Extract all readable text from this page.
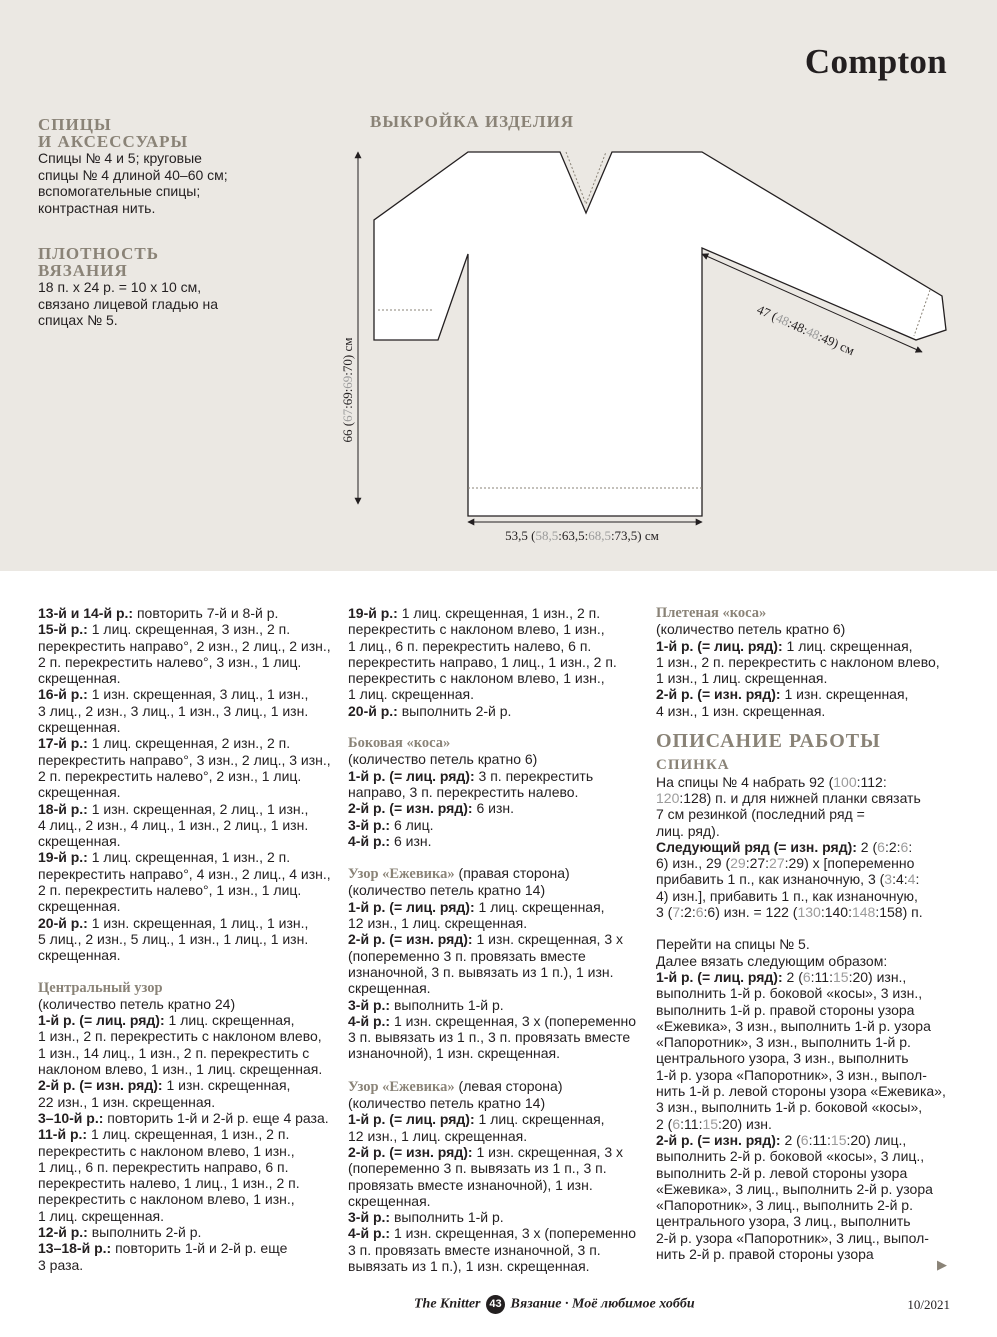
Compton
СПИЦЫ
И АКСЕССУАРЫ
Спицы № 4 и 5; круговые
спицы № 4 длиной 40–60 см;
вспомогательные спицы;
контрастная нить.
ПЛОТНОСТЬ
ВЯЗАНИЯ
18 п. х 24 р. = 10 х 10 см,
связано лицевой гладью на
спицах № 5.
ВЫКРОЙКА ИЗДЕЛИЯ
66 (67:69:69:70) см
47 (48:48:48:49) см
53,5 (58,5:63,5:68,5:73,5) см

13-й и 14-й р.: повторить 7-й и 8-й р.

15-й р.: 1 лиц. скрещенная, 3 изн., 2 п.

перекрестить направо°, 2 изн., 2 лиц., 2 изн.,

2 п. перекрестить налево°, 3 изн., 1 лиц.

скрещенная.

16-й р.: 1 изн. скрещенная, 3 лиц., 1 изн.,

3 лиц., 2 изн., 3 лиц., 1 изн., 3 лиц., 1 изн.

скрещенная.

17-й р.: 1 лиц. скрещенная, 2 изн., 2 п.

перекрестить направо°, 3 изн., 2 лиц., 3 изн.,

2 п. перекрестить налево°, 2 изн., 1 лиц.

скрещенная.

18-й р.: 1 изн. скрещенная, 2 лиц., 1 изн.,

4 лиц., 2 изн., 4 лиц., 1 изн., 2 лиц., 1 изн.

скрещенная.

19-й р.: 1 лиц. скрещенная, 1 изн., 2 п.

перекрестить направо°, 4 изн., 2 лиц., 4 изн.,

2 п. перекрестить налево°, 1 изн., 1 лиц.

скрещенная.

20-й р.: 1 изн. скрещенная, 1 лиц., 1 изн.,

5 лиц., 2 изн., 5 лиц., 1 изн., 1 лиц., 1 изн.

скрещенная.

Центральный узор

(количество петель кратно 24)

1-й р. (= лиц. ряд): 1 лиц. скрещенная,

1 изн., 2 п. перекрестить с наклоном влево,

1 изн., 14 лиц., 1 изн., 2 п. перекрестить с

наклоном влево, 1 изн., 1 лиц. скрещенная.

2-й р. (= изн. ряд): 1 изн. скрещенная,

22 изн., 1 изн. скрещенная.

3–10-й р.: повторить 1-й и 2-й р. еще 4 раза.

11-й р.: 1 лиц. скрещенная, 1 изн., 2 п.

перекрестить с наклоном влево, 1 изн.,

1 лиц., 6 п. перекрестить направо, 6 п.

перекрестить налево, 1 лиц., 1 изн., 2 п.

перекрестить с наклоном влево, 1 изн.,

1 лиц. скрещенная.

12-й р.: выполнить 2-й р.

13–18-й р.: повторить 1-й и 2-й р. еще

3 раза.

19-й р.: 1 лиц. скрещенная, 1 изн., 2 п.

перекрестить с наклоном влево, 1 изн.,

1 лиц., 6 п. перекрестить налево, 6 п.

перекрестить направо, 1 лиц., 1 изн., 2 п.

перекрестить с наклоном влево, 1 изн.,

1 лиц. скрещенная.

20-й р.: выполнить 2-й р.

Боковая «коса»

(количество петель кратно 6)

1-й р. (= лиц. ряд): 3 п. перекрестить

направо, 3 п. перекрестить налево.

2-й р. (= изн. ряд): 6 изн.

3-й р.: 6 лиц.

4-й р.: 6 изн.

Узор «Ежевика» (правая сторона)

(количество петель кратно 14)

1-й р. (= лиц. ряд): 1 лиц. скрещенная,

12 изн., 1 лиц. скрещенная.

2-й р. (= изн. ряд): 1 изн. скрещенная, 3 х

(попеременно 3 п. провязать вместе

изнаночной, 3 п. вывязать из 1 п.), 1 изн.

скрещенная.

3-й р.: выполнить 1-й р.

4-й р.: 1 изн. скрещенная, 3 х (попеременно

3 п. вывязать из 1 п., 3 п. провязать вместе

изнаночной), 1 изн. скрещенная.

Узор «Ежевика» (левая сторона)

(количество петель кратно 14)

1-й р. (= лиц. ряд): 1 лиц. скрещенная,

12 изн., 1 лиц. скрещенная.

2-й р. (= изн. ряд): 1 изн. скрещенная, 3 х

(попеременно 3 п. вывязать из 1 п., 3 п.

провязать вместе изнаночной), 1 изн.

скрещенная.

3-й р.: выполнить 1-й р.

4-й р.: 1 изн. скрещенная, 3 х (попеременно

3 п. провязать вместе изнаночной, 3 п.

вывязать из 1 п.), 1 изн. скрещенная.

Плетеная «коса»

(количество петель кратно 6)

1-й р. (= лиц. ряд): 1 лиц. скрещенная,

1 изн., 2 п. перекрестить с наклоном влево,

1 изн., 1 лиц. скрещенная.

2-й р. (= изн. ряд): 1 изн. скрещенная,

4 изн., 1 изн. скрещенная.

ОПИСАНИЕ РАБОТЫ

СПИНКА

На спицы № 4 набрать 92 (100:112:

120:128) п. и для нижней планки связать

7 см резинкой (последний ряд =

лиц. ряд).

Следующий ряд (= изн. ряд): 2 (6:2:6:

6) изн., 29 (29:27:27:29) х [попеременно

прибавить 1 п., как изнаночную, 3 (3:4:4:

4) изн.], прибавить 1 п., как изнаночную,

3 (7:2:6:6) изн. = 122 (130:140:148:158) п.

Перейти на спицы № 5.

Далее вязать следующим образом:

1-й р. (= лиц. ряд): 2 (6:11:15:20) изн.,

выполнить 1-й р. боковой «косы», 3 изн.,

выполнить 1-й р. правой стороны узора

«Ежевика», 3 изн., выполнить 1-й р. узора

«Папоротник», 3 изн., выполнить 1-й р.

центрального узора, 3 изн., выполнить

1-й р. узора «Папоротник», 3 изн., выпол-

нить 1-й р. левой стороны узора «Ежевика»,

3 изн., выполнить 1-й р. боковой «косы»,

2 (6:11:15:20) изн.

2-й р. (= изн. ряд): 2 (6:11:15:20) лиц.,

выполнить 2-й р. боковой «косы», 3 лиц.,

выполнить 2-й р. левой стороны узора

«Ежевика», 3 лиц., выполнить 2-й р. узора

«Папоротник», 3 лиц., выполнить 2-й р.

центрального узора, 3 лиц., выполнить

2-й р. узора «Папоротник», 3 лиц., выпол-

нить 2-й р. правой стороны узора

▶
The Knitter 43 Вязание · Моё любимое хобби	10/2021
